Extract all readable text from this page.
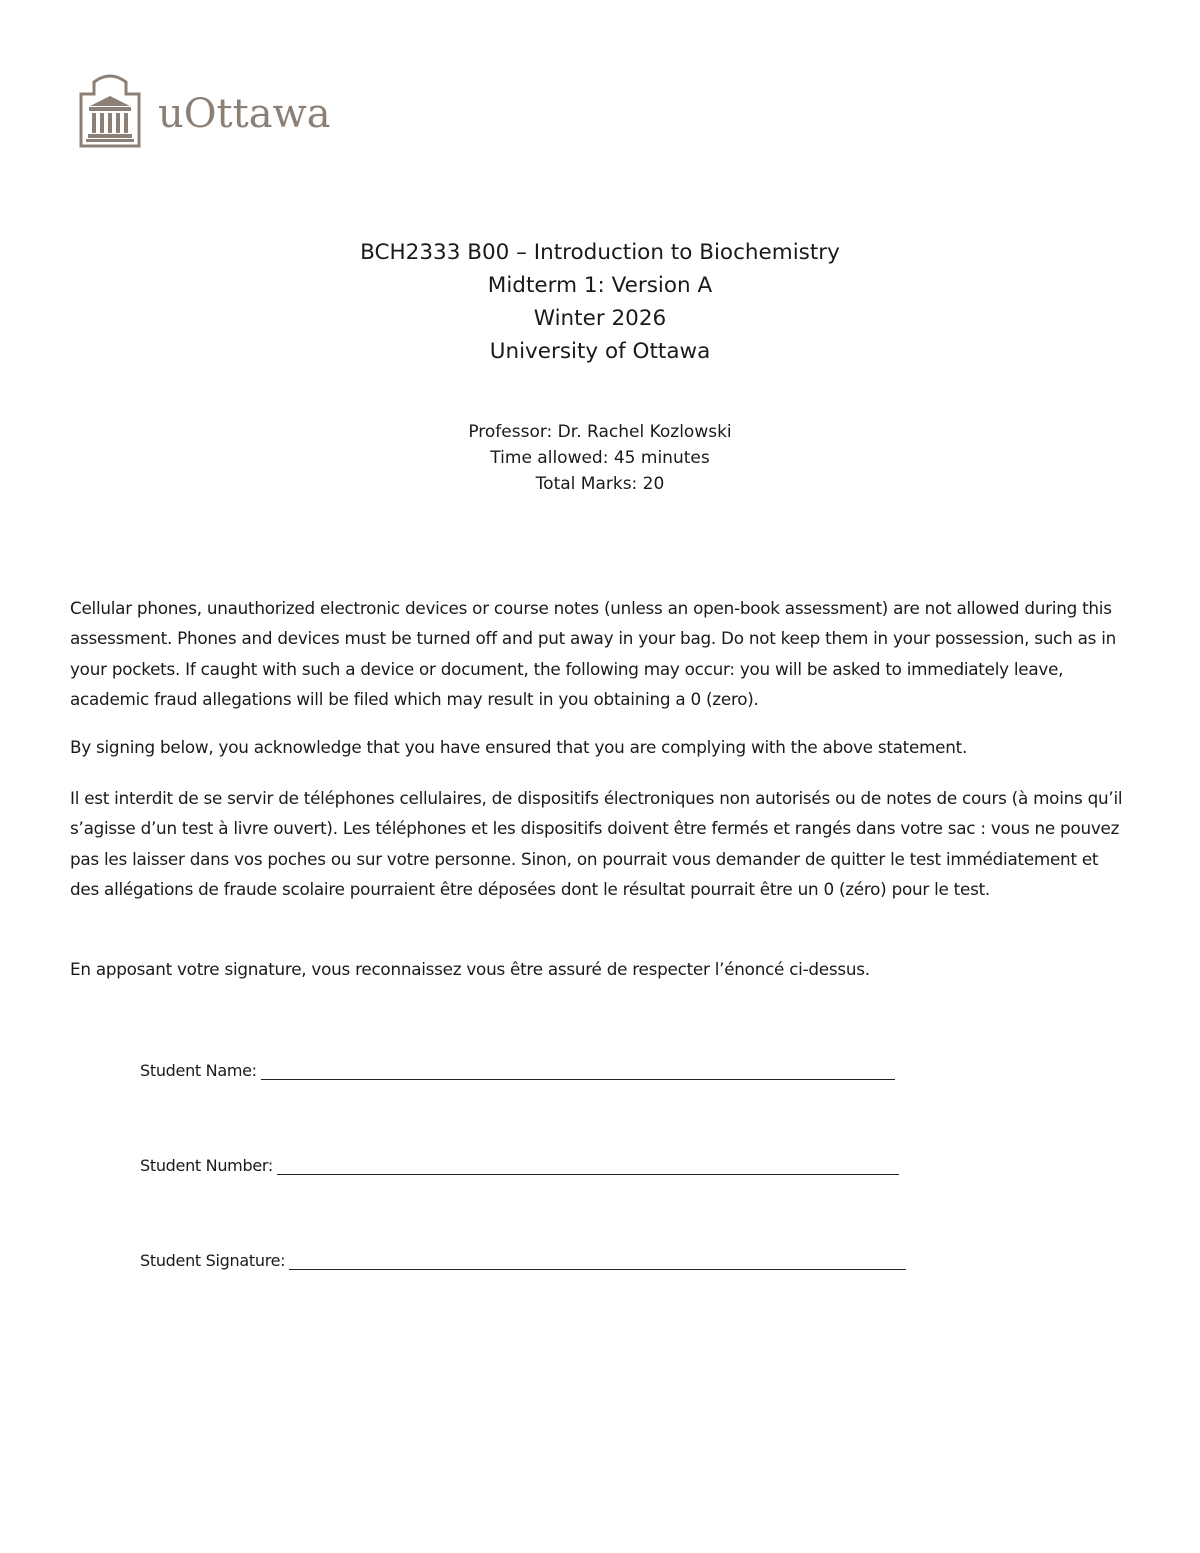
uOttawa
BCH2333 B00 – Introduction to Biochemistry
Midterm 1: Version A
Winter 2026
University of Ottawa
Professor: Dr. Rachel Kozlowski
Time allowed: 45 minutes
Total Marks: 20

Cellular phones, unauthorized electronic devices or course notes (unless an open-book assessment) are not allowed during this assessment. Phones and devices must be turned off and put away in your bag. Do not keep them in your possession, such as in your pockets. If caught with such a device or document, the following may occur: you will be asked to immediately leave, academic fraud allegations will be filed which may result in you obtaining a 0 (zero).

By signing below, you acknowledge that you have ensured that you are complying with the above statement.

Il est interdit de se servir de téléphones cellulaires, de dispositifs électroniques non autorisés ou de notes de cours (à moins qu’il s’agisse d’un test à livre ouvert). Les téléphones et les dispositifs doivent être fermés et rangés dans votre sac : vous ne pouvez pas les laisser dans vos poches ou sur votre personne. Sinon, on pourrait vous demander de quitter le test immédiatement et des allégations de fraude scolaire pourraient être déposées dont le résultat pourrait être un 0 (zéro) pour le test.

En apposant votre signature, vous reconnaissez vous être assuré de respecter l’énoncé ci-dessus.

Student Name:
Student Number:
Student Signature:
